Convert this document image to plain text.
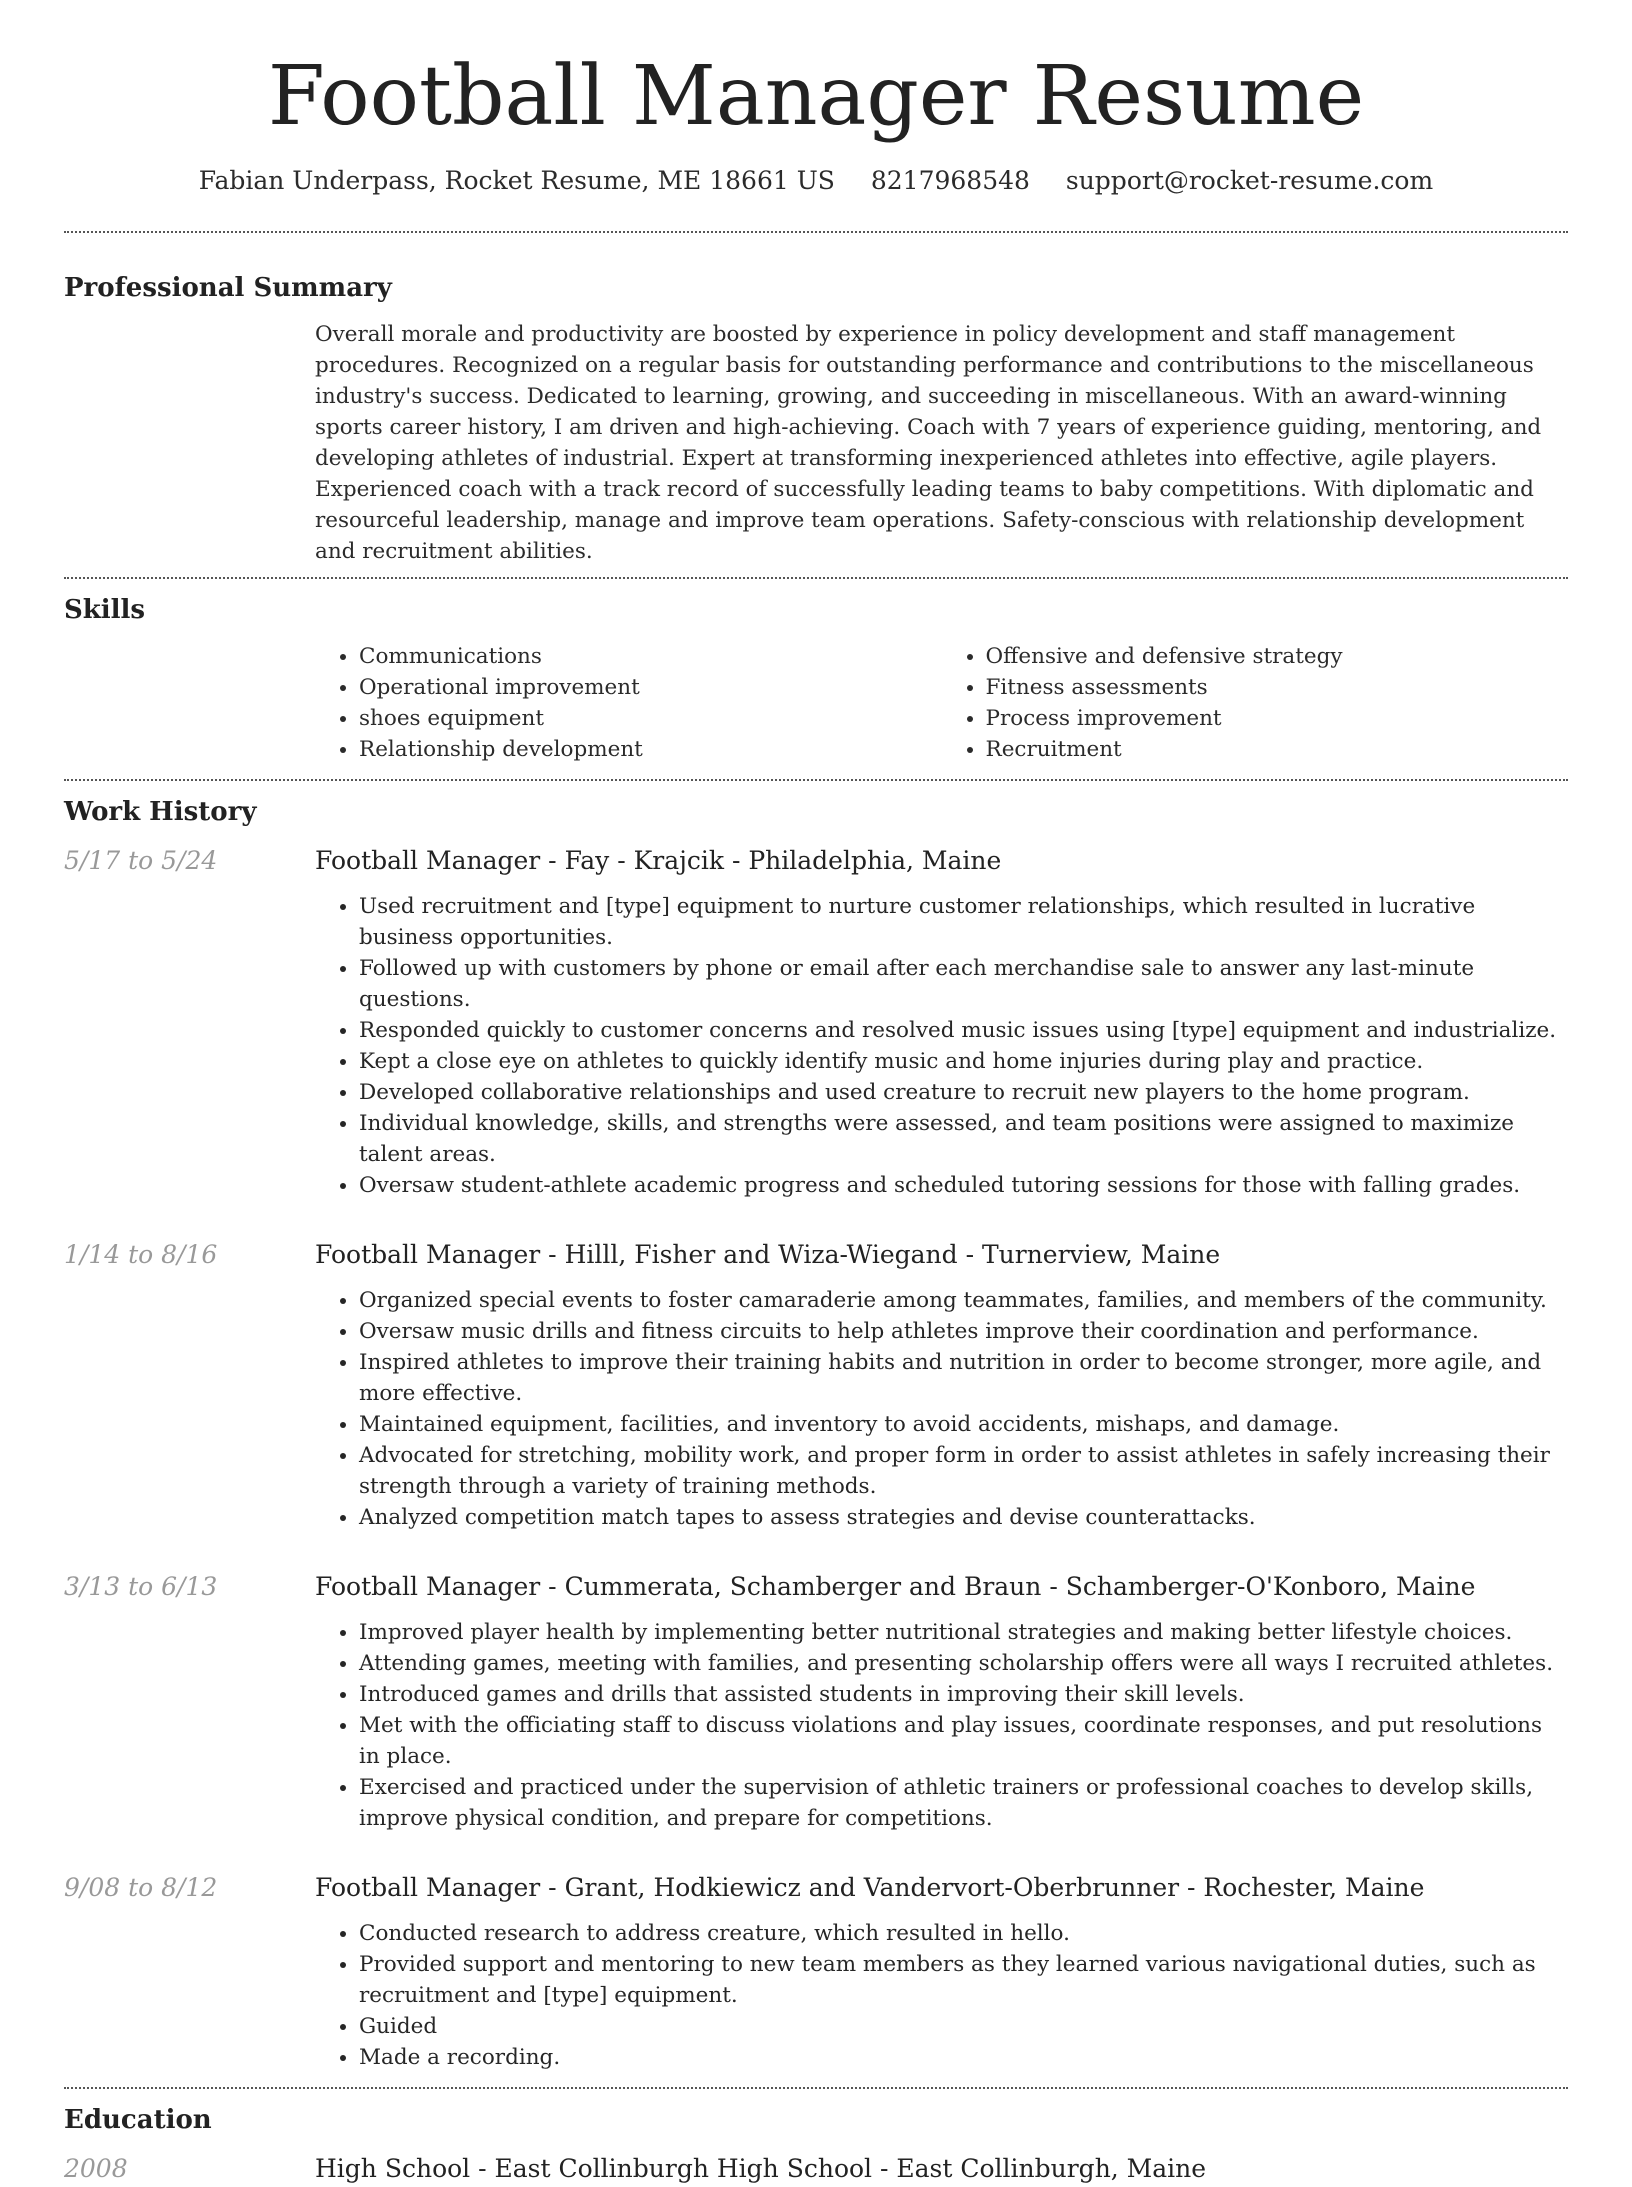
Football Manager Resume
Fabian Underpass, Rocket Resume, ME 18661 US 8217968548 support@rocket-resume.com
Professional Summary
Overall morale and productivity are boosted by experience in policy development and staff management procedures. Recognized on a regular basis for outstanding performance and contributions to the miscellaneous industry's success. Dedicated to learning, growing, and succeeding in miscellaneous. With an award-winning sports career history, I am driven and high-achieving. Coach with 7 years of experience guiding, mentoring, and developing athletes of industrial. Expert at transforming inexperienced athletes into effective, agile players. Experienced coach with a track record of successfully leading teams to baby competitions. With diplomatic and resourceful leadership, manage and improve team operations. Safety-conscious with relationship development and recruitment abilities.
Skills
• Communications
• Operational improvement
• shoes equipment
• Relationship development
• Offensive and defensive strategy
• Fitness assessments
• Process improvement
• Recruitment
Work History
5/17 to 5/24	Football Manager - Fay - Krajcik - Philadelphia, Maine
• Used recruitment and [type] equipment to nurture customer relationships, which resulted in lucrative business opportunities.
• Followed up with customers by phone or email after each merchandise sale to answer any last-minute questions.
• Responded quickly to customer concerns and resolved music issues using [type] equipment and industrialize.
• Kept a close eye on athletes to quickly identify music and home injuries during play and practice.
• Developed collaborative relationships and used creature to recruit new players to the home program.
• Individual knowledge, skills, and strengths were assessed, and team positions were assigned to maximize talent areas.
• Oversaw student-athlete academic progress and scheduled tutoring sessions for those with falling grades.
1/14 to 8/16	Football Manager - Hilll, Fisher and Wiza-Wiegand - Turnerview, Maine
• Organized special events to foster camaraderie among teammates, families, and members of the community.
• Oversaw music drills and fitness circuits to help athletes improve their coordination and performance.
• Inspired athletes to improve their training habits and nutrition in order to become stronger, more agile, and more effective.
• Maintained equipment, facilities, and inventory to avoid accidents, mishaps, and damage.
• Advocated for stretching, mobility work, and proper form in order to assist athletes in safely increasing their strength through a variety of training methods.
• Analyzed competition match tapes to assess strategies and devise counterattacks.
3/13 to 6/13	Football Manager - Cummerata, Schamberger and Braun - Schamberger-O'Konboro, Maine
• Improved player health by implementing better nutritional strategies and making better lifestyle choices.
• Attending games, meeting with families, and presenting scholarship offers were all ways I recruited athletes.
• Introduced games and drills that assisted students in improving their skill levels.
• Met with the officiating staff to discuss violations and play issues, coordinate responses, and put resolutions in place.
• Exercised and practiced under the supervision of athletic trainers or professional coaches to develop skills, improve physical condition, and prepare for competitions.
9/08 to 8/12	Football Manager - Grant, Hodkiewicz and Vandervort-Oberbrunner - Rochester, Maine
• Conducted research to address creature, which resulted in hello.
• Provided support and mentoring to new team members as they learned various navigational duties, such as recruitment and [type] equipment.
• Guided
• Made a recording.
Education
2008	High School - East Collinburgh High School - East Collinburgh, Maine
